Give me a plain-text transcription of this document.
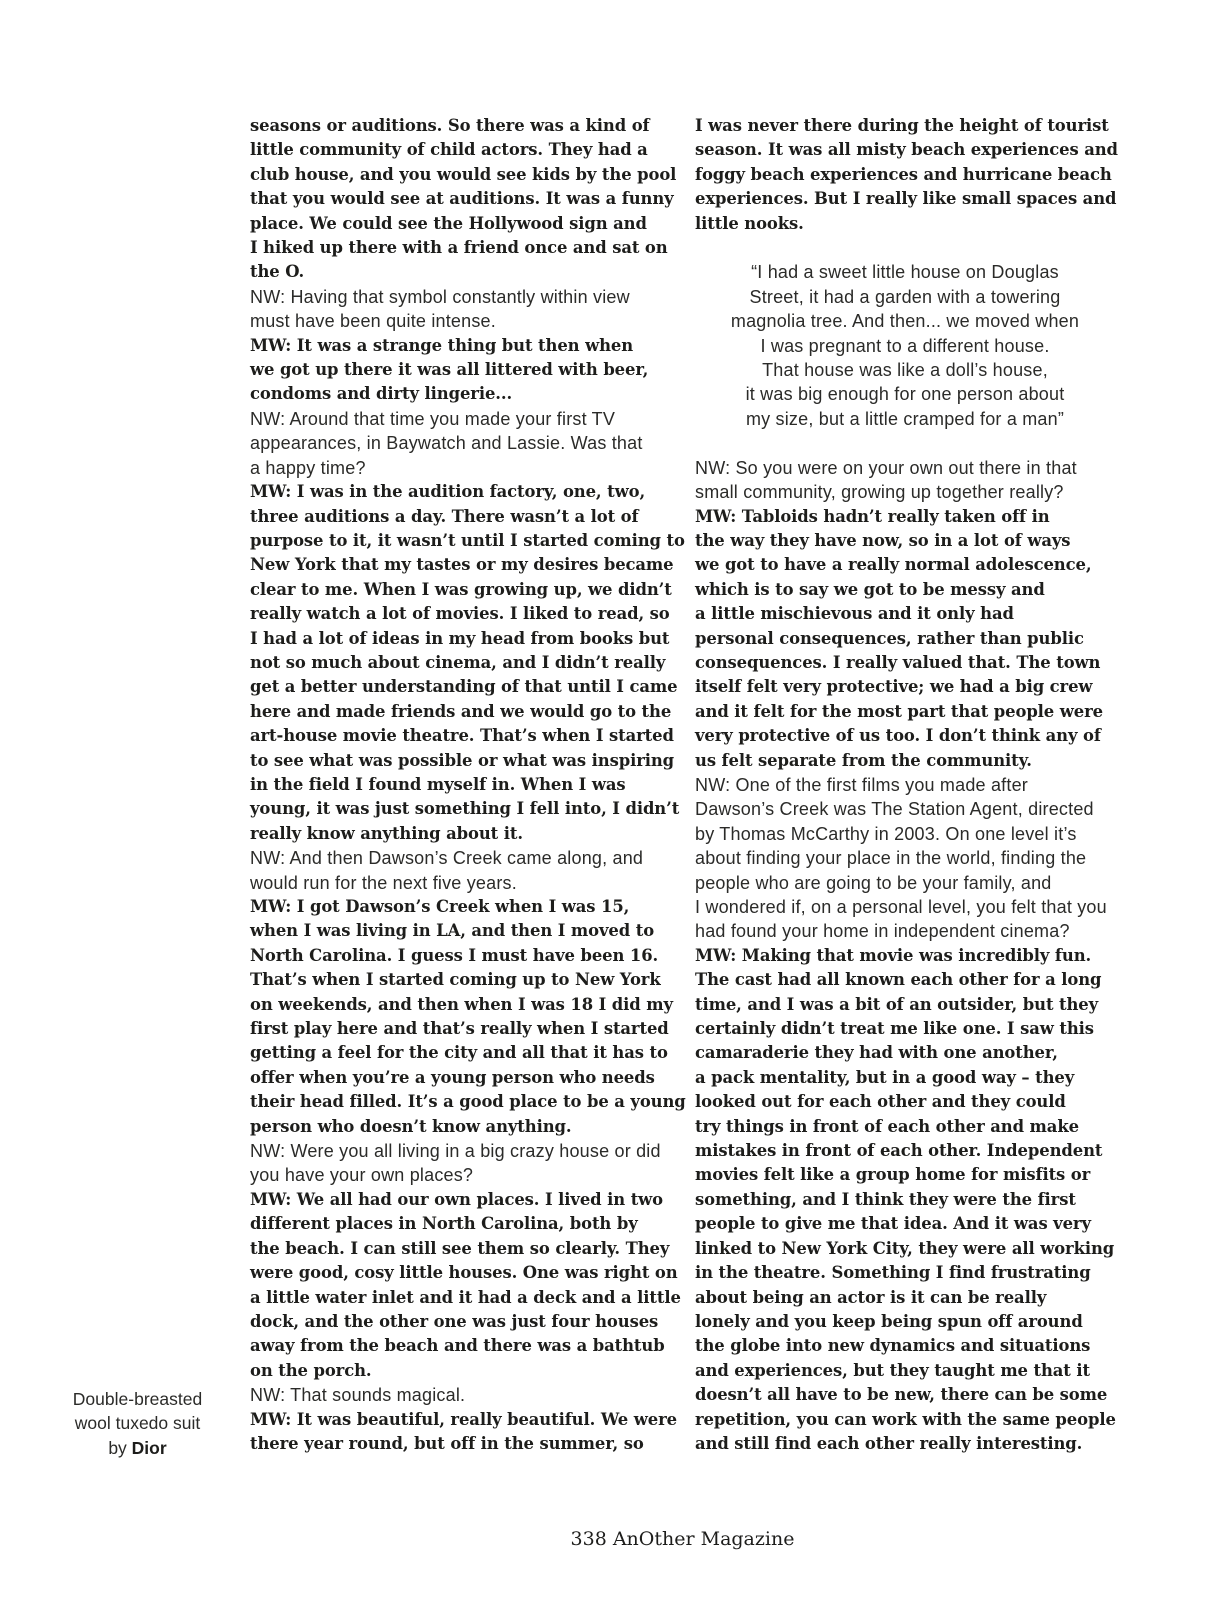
Double-breasted
wool tuxedo suit
by Dior
seasons or auditions. So there was a kind of
little community of child actors. They had a
club house, and you would see kids by the pool
that you would see at auditions. It was a funny
place. We could see the Hollywood sign and
I hiked up there with a friend once and sat on
the O.
NW: Having that symbol constantly within view
must have been quite intense.
MW: It was a strange thing but then when
we got up there it was all littered with beer,
condoms and dirty lingerie...
NW: Around that time you made your first TV
appearances, in Baywatch and Lassie. Was that
a happy time?
MW: I was in the audition factory, one, two,
three auditions a day. There wasn’t a lot of
purpose to it, it wasn’t until I started coming to
New York that my tastes or my desires became
clear to me. When I was growing up, we didn’t
really watch a lot of movies. I liked to read, so
I had a lot of ideas in my head from books but
not so much about cinema, and I didn’t really
get a better understanding of that until I came
here and made friends and we would go to the
art-house movie theatre. That’s when I started
to see what was possible or what was inspiring
in the field I found myself in. When I was
young, it was just something I fell into, I didn’t
really know anything about it.
NW: And then Dawson’s Creek came along, and
would run for the next five years.
MW: I got Dawson’s Creek when I was 15,
when I was living in LA, and then I moved to
North Carolina. I guess I must have been 16.
That’s when I started coming up to New York
on weekends, and then when I was 18 I did my
first play here and that’s really when I started
getting a feel for the city and all that it has to
offer when you’re a young person who needs
their head filled. It’s a good place to be a young
person who doesn’t know anything.
NW: Were you all living in a big crazy house or did
you have your own places?
MW: We all had our own places. I lived in two
different places in North Carolina, both by
the beach. I can still see them so clearly. They
were good, cosy little houses. One was right on
a little water inlet and it had a deck and a little
dock, and the other one was just four houses
away from the beach and there was a bathtub
on the porch.
NW: That sounds magical.
MW: It was beautiful, really beautiful. We were
there year round, but off in the summer, so
I was never there during the height of tourist
season. It was all misty beach experiences and
foggy beach experiences and hurricane beach
experiences. But I really like small spaces and
little nooks.

“I had a sweet little house on Douglas
Street, it had a garden with a towering
magnolia tree. And then... we moved when
I was pregnant to a different house.
That house was like a doll’s house,
it was big enough for one person about
my size, but a little cramped for a man”

NW: So you were on your own out there in that
small community, growing up together really?
MW: Tabloids hadn’t really taken off in
the way they have now, so in a lot of ways
we got to have a really normal adolescence,
which is to say we got to be messy and
a little mischievous and it only had
personal consequences, rather than public
consequences. I really valued that. The town
itself felt very protective; we had a big crew
and it felt for the most part that people were
very protective of us too. I don’t think any of
us felt separate from the community.
NW: One of the first films you made after
Dawson’s Creek was The Station Agent, directed
by Thomas McCarthy in 2003. On one level it’s
about finding your place in the world, finding the
people who are going to be your family, and
I wondered if, on a personal level, you felt that you
had found your home in independent cinema?
MW: Making that movie was incredibly fun.
The cast had all known each other for a long
time, and I was a bit of an outsider, but they
certainly didn’t treat me like one. I saw this
camaraderie they had with one another,
a pack mentality, but in a good way – they
looked out for each other and they could
try things in front of each other and make
mistakes in front of each other. Independent
movies felt like a group home for misfits or
something, and I think they were the first
people to give me that idea. And it was very
linked to New York City, they were all working
in the theatre. Something I find frustrating
about being an actor is it can be really
lonely and you keep being spun off around
the globe into new dynamics and situations
and experiences, but they taught me that it
doesn’t all have to be new, there can be some
repetition, you can work with the same people
and still find each other really interesting.
338 AnOther Magazine
